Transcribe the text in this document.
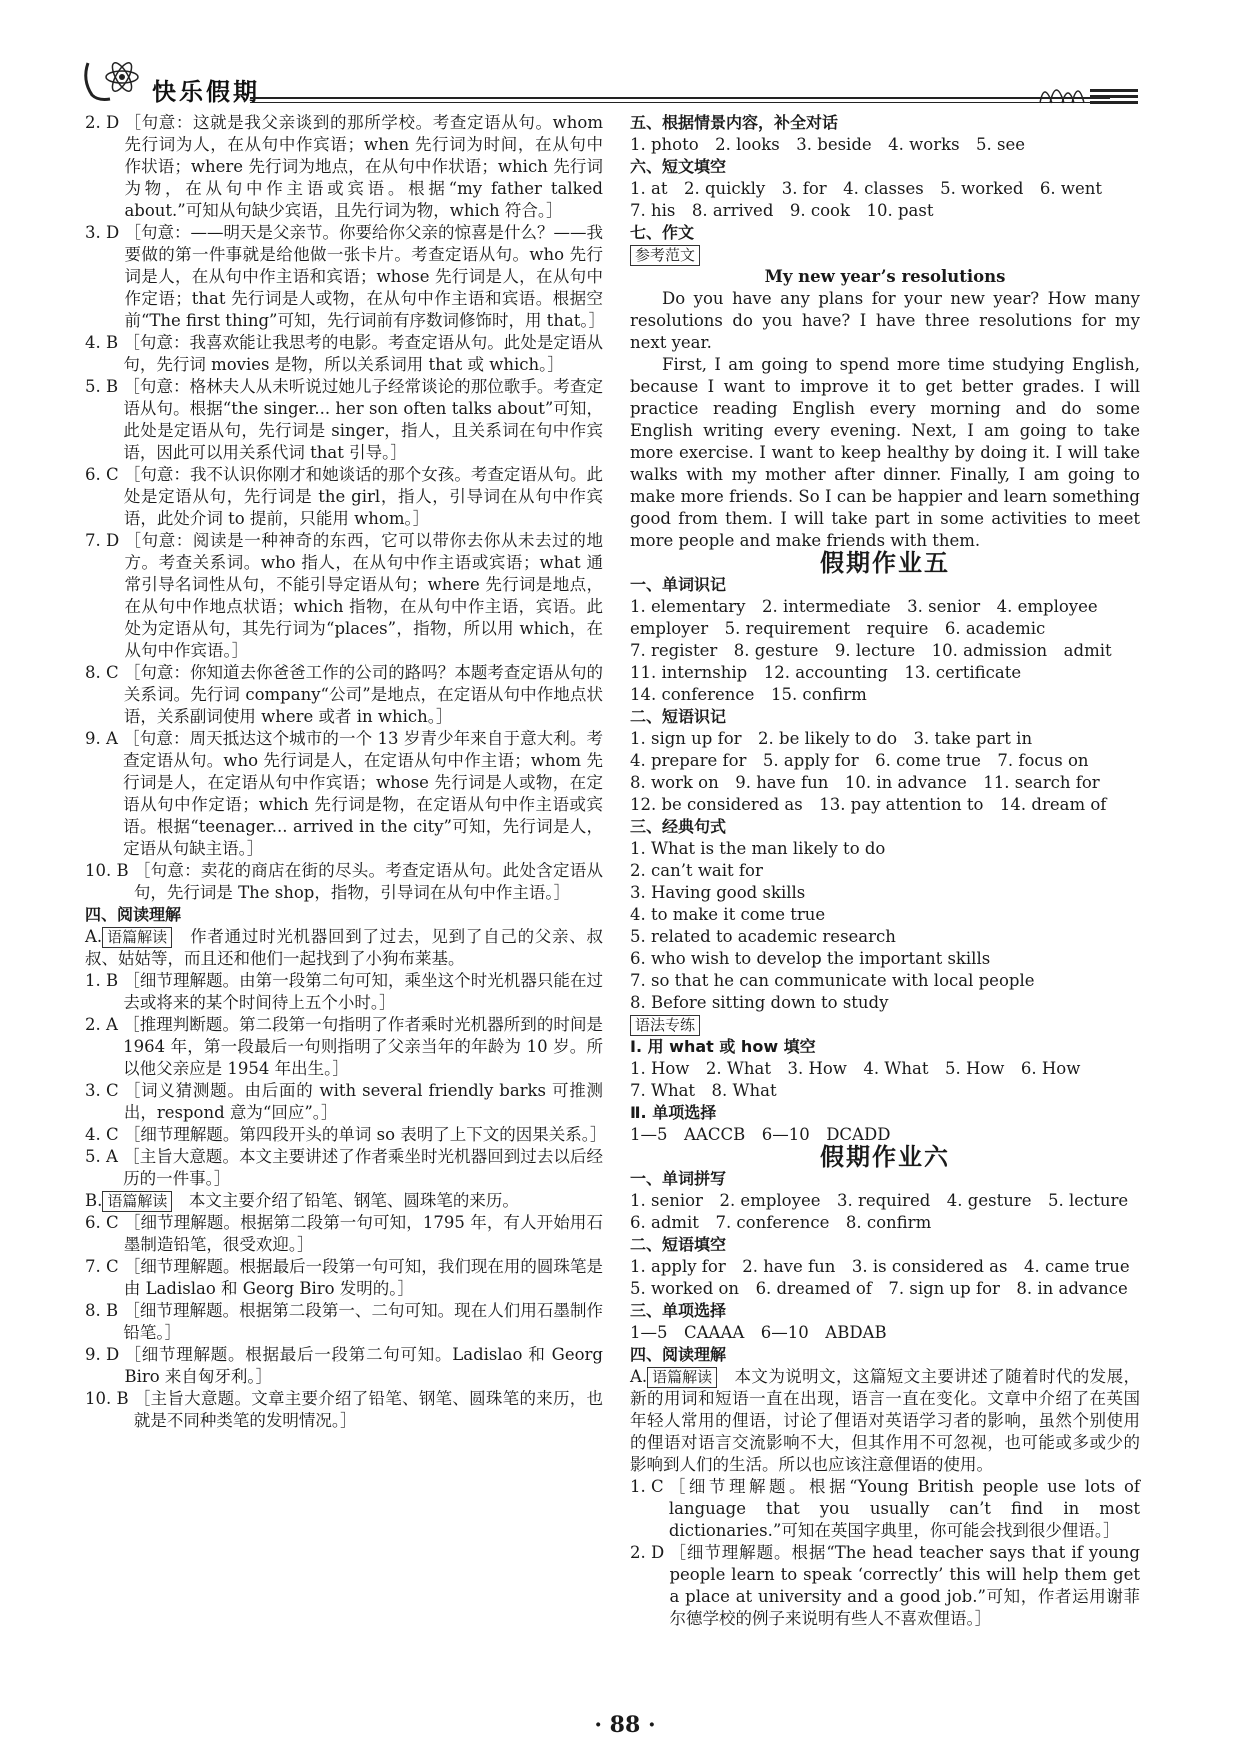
快乐假期
2. D ［句意：这就是我父亲谈到的那所学校。考查定语从句。whom 先行词为人，在从句中作宾语；when 先行词为时间，在从句中作状语；where 先行词为地点，在从句中作状语；which 先行词为物，在从句中作主语或宾语。根据“my father talked about.”可知从句缺少宾语，且先行词为物，which 符合。］
3. D ［句意：——明天是父亲节。你要给你父亲的惊喜是什么？——我要做的第一件事就是给他做一张卡片。考查定语从句。who 先行词是人，在从句中作主语和宾语；whose 先行词是人，在从句中作定语；that 先行词是人或物，在从句中作主语和宾语。根据空前“The first thing”可知，先行词前有序数词修饰时，用 that。］
4. B ［句意：我喜欢能让我思考的电影。考查定语从句。此处是定语从句，先行词 movies 是物，所以关系词用 that 或 which。］
5. B ［句意：格林夫人从未听说过她儿子经常谈论的那位歌手。考查定语从句。根据“the singer... her son often talks about”可知，此处是定语从句，先行词是 singer，指人，且关系词在句中作宾语，因此可以用关系代词 that 引导。］
6. C ［句意：我不认识你刚才和她谈话的那个女孩。考查定语从句。此处是定语从句，先行词是 the girl，指人，引导词在从句中作宾语，此处介词 to 提前，只能用 whom。］
7. D ［句意：阅读是一种神奇的东西，它可以带你去你从未去过的地方。考查关系词。who 指人，在从句中作主语或宾语；what 通常引导名词性从句，不能引导定语从句；where 先行词是地点，在从句中作地点状语；which 指物，在从句中作主语，宾语。此处为定语从句，其先行词为“places”，指物，所以用 which，在从句中作宾语。］
8. C ［句意：你知道去你爸爸工作的公司的路吗？本题考查定语从句的关系词。先行词 company“公司”是地点，在定语从句中作地点状语，关系副词使用 where 或者 in which。］
9. A ［句意：周天抵达这个城市的一个 13 岁青少年来自于意大利。考查定语从句。who 先行词是人，在定语从句中作主语；whom 先行词是人，在定语从句中作宾语；whose 先行词是人或物，在定语从句中作定语；which 先行词是物，在定语从句中作主语或宾语。根据“teenager... arrived in the city”可知，先行词是人，定语从句缺主语。］
10. B ［句意：卖花的商店在街的尽头。考查定语从句。此处含定语从句，先行词是 The shop，指物，引导词在从句中作主语。］

四、阅读理解

A. 语篇解读　 作者通过时光机器回到了过去，见到了自己的父亲、叔叔、姑姑等，而且还和他们一起找到了小狗布莱基。

1. B ［细节理解题。由第一段第二句可知，乘坐这个时光机器只能在过去或将来的某个时间待上五个小时。］
2. A ［推理判断题。第二段第一句指明了作者乘时光机器所到的时间是 1964 年，第一段最后一句则指明了父亲当年的年龄为 10 岁。所以他父亲应是 1954 年出生。］
3. C ［词义猜测题。由后面的 with several friendly barks 可推测出，respond 意为“回应”。］
4. C ［细节理解题。第四段开头的单词 so 表明了上下文的因果关系。］
5. A ［主旨大意题。本文主要讲述了作者乘坐时光机器回到过去以后经历的一件事。］

B. 语篇解读　 本文主要介绍了铅笔、钢笔、圆珠笔的来历。

6. C ［细节理解题。根据第二段第一句可知，1795 年，有人开始用石墨制造铅笔，很受欢迎。］
7. C ［细节理解题。根据最后一段第一句可知，我们现在用的圆珠笔是由 Ladislao 和 Georg Biro 发明的。］
8. B ［细节理解题。根据第二段第一、二句可知。现在人们用石墨制作铅笔。］
9. D ［细节理解题。根据最后一段第二句可知。Ladislao 和 Georg Biro 来自匈牙利。］
10. B ［主旨大意题。文章主要介绍了铅笔、钢笔、圆珠笔的来历，也就是不同种类笔的发明情况。］

五、根据情景内容，补全对话

1. photo　2. looks　3. beside　4. works　5. see

六、短文填空

1. at　2. quickly　3. for　4. classes　5. worked　6. went

7. his　8. arrived　9. cook　10. past

七、作文

参考范文

My new year’s resolutions

Do you have any plans for your new year? How many resolutions do you have? I have three resolutions for my next year.

First, I am going to spend more time studying English, because I want to improve it to get better grades. I will practice reading English every morning and do some English writing every evening. Next, I am going to take more exercise. I want to keep healthy by doing it. I will take walks with my mother after dinner. Finally, I am going to make more friends. So I can be happier and learn something good from them. I will take part in some activities to meet more people and make friends with them.

假期作业五

一、单词识记

1. elementary　2. intermediate　3. senior　4. employee

employer　5. requirement　require　6. academic

7. register　8. gesture　9. lecture　10. admission　admit

11. internship　12. accounting　13. certificate

14. conference　15. confirm

二、短语识记

1. sign up for　2. be likely to do　3. take part in

4. prepare for　5. apply for　6. come true　7. focus on

8. work on　9. have fun　10. in advance　11. search for

12. be considered as　13. pay attention to　14. dream of

三、经典句式

1. What is the man likely to do

2. can’t wait for

3. Having good skills

4. to make it come true

5. related to academic research

6. who wish to develop the important skills

7. so that he can communicate with local people

8. Before sitting down to study

语法专练

Ⅰ. 用 what 或 how 填空

1. How　2. What　3. How　4. What　5. How　6. How

7. What　8. What

Ⅱ. 单项选择

1—5　AACCB　6—10　DCADD

假期作业六

一、单词拼写

1. senior　2. employee　3. required　4. gesture　5. lecture

6. admit　7. conference　8. confirm

二、短语填空

1. apply for　2. have fun　3. is considered as　4. came true

5. worked on　6. dreamed of　7. sign up for　8. in advance

三、单项选择

1—5　CAAAA　6—10　ABDAB

四、阅读理解

A. 语篇解读　 本文为说明文，这篇短文主要讲述了随着时代的发展，新的用词和短语一直在出现，语言一直在变化。文章中介绍了在英国年轻人常用的俚语，讨论了俚语对英语学习者的影响，虽然个别使用的俚语对语言交流影响不大，但其作用不可忽视，也可能或多或少的影响到人们的生活。所以也应该注意俚语的使用。

1. C ［细节理解题。根据“Young British people use lots of language that you usually can’t find in most dictionaries.”可知在英国字典里，你可能会找到很少俚语。］
2. D ［细节理解题。根据“The head teacher says that if young people learn to speak ‘correctly’ this will help them get a place at university and a good job.”可知，作者运用谢菲尔德学校的例子来说明有些人不喜欢俚语。］
· 88 ·
